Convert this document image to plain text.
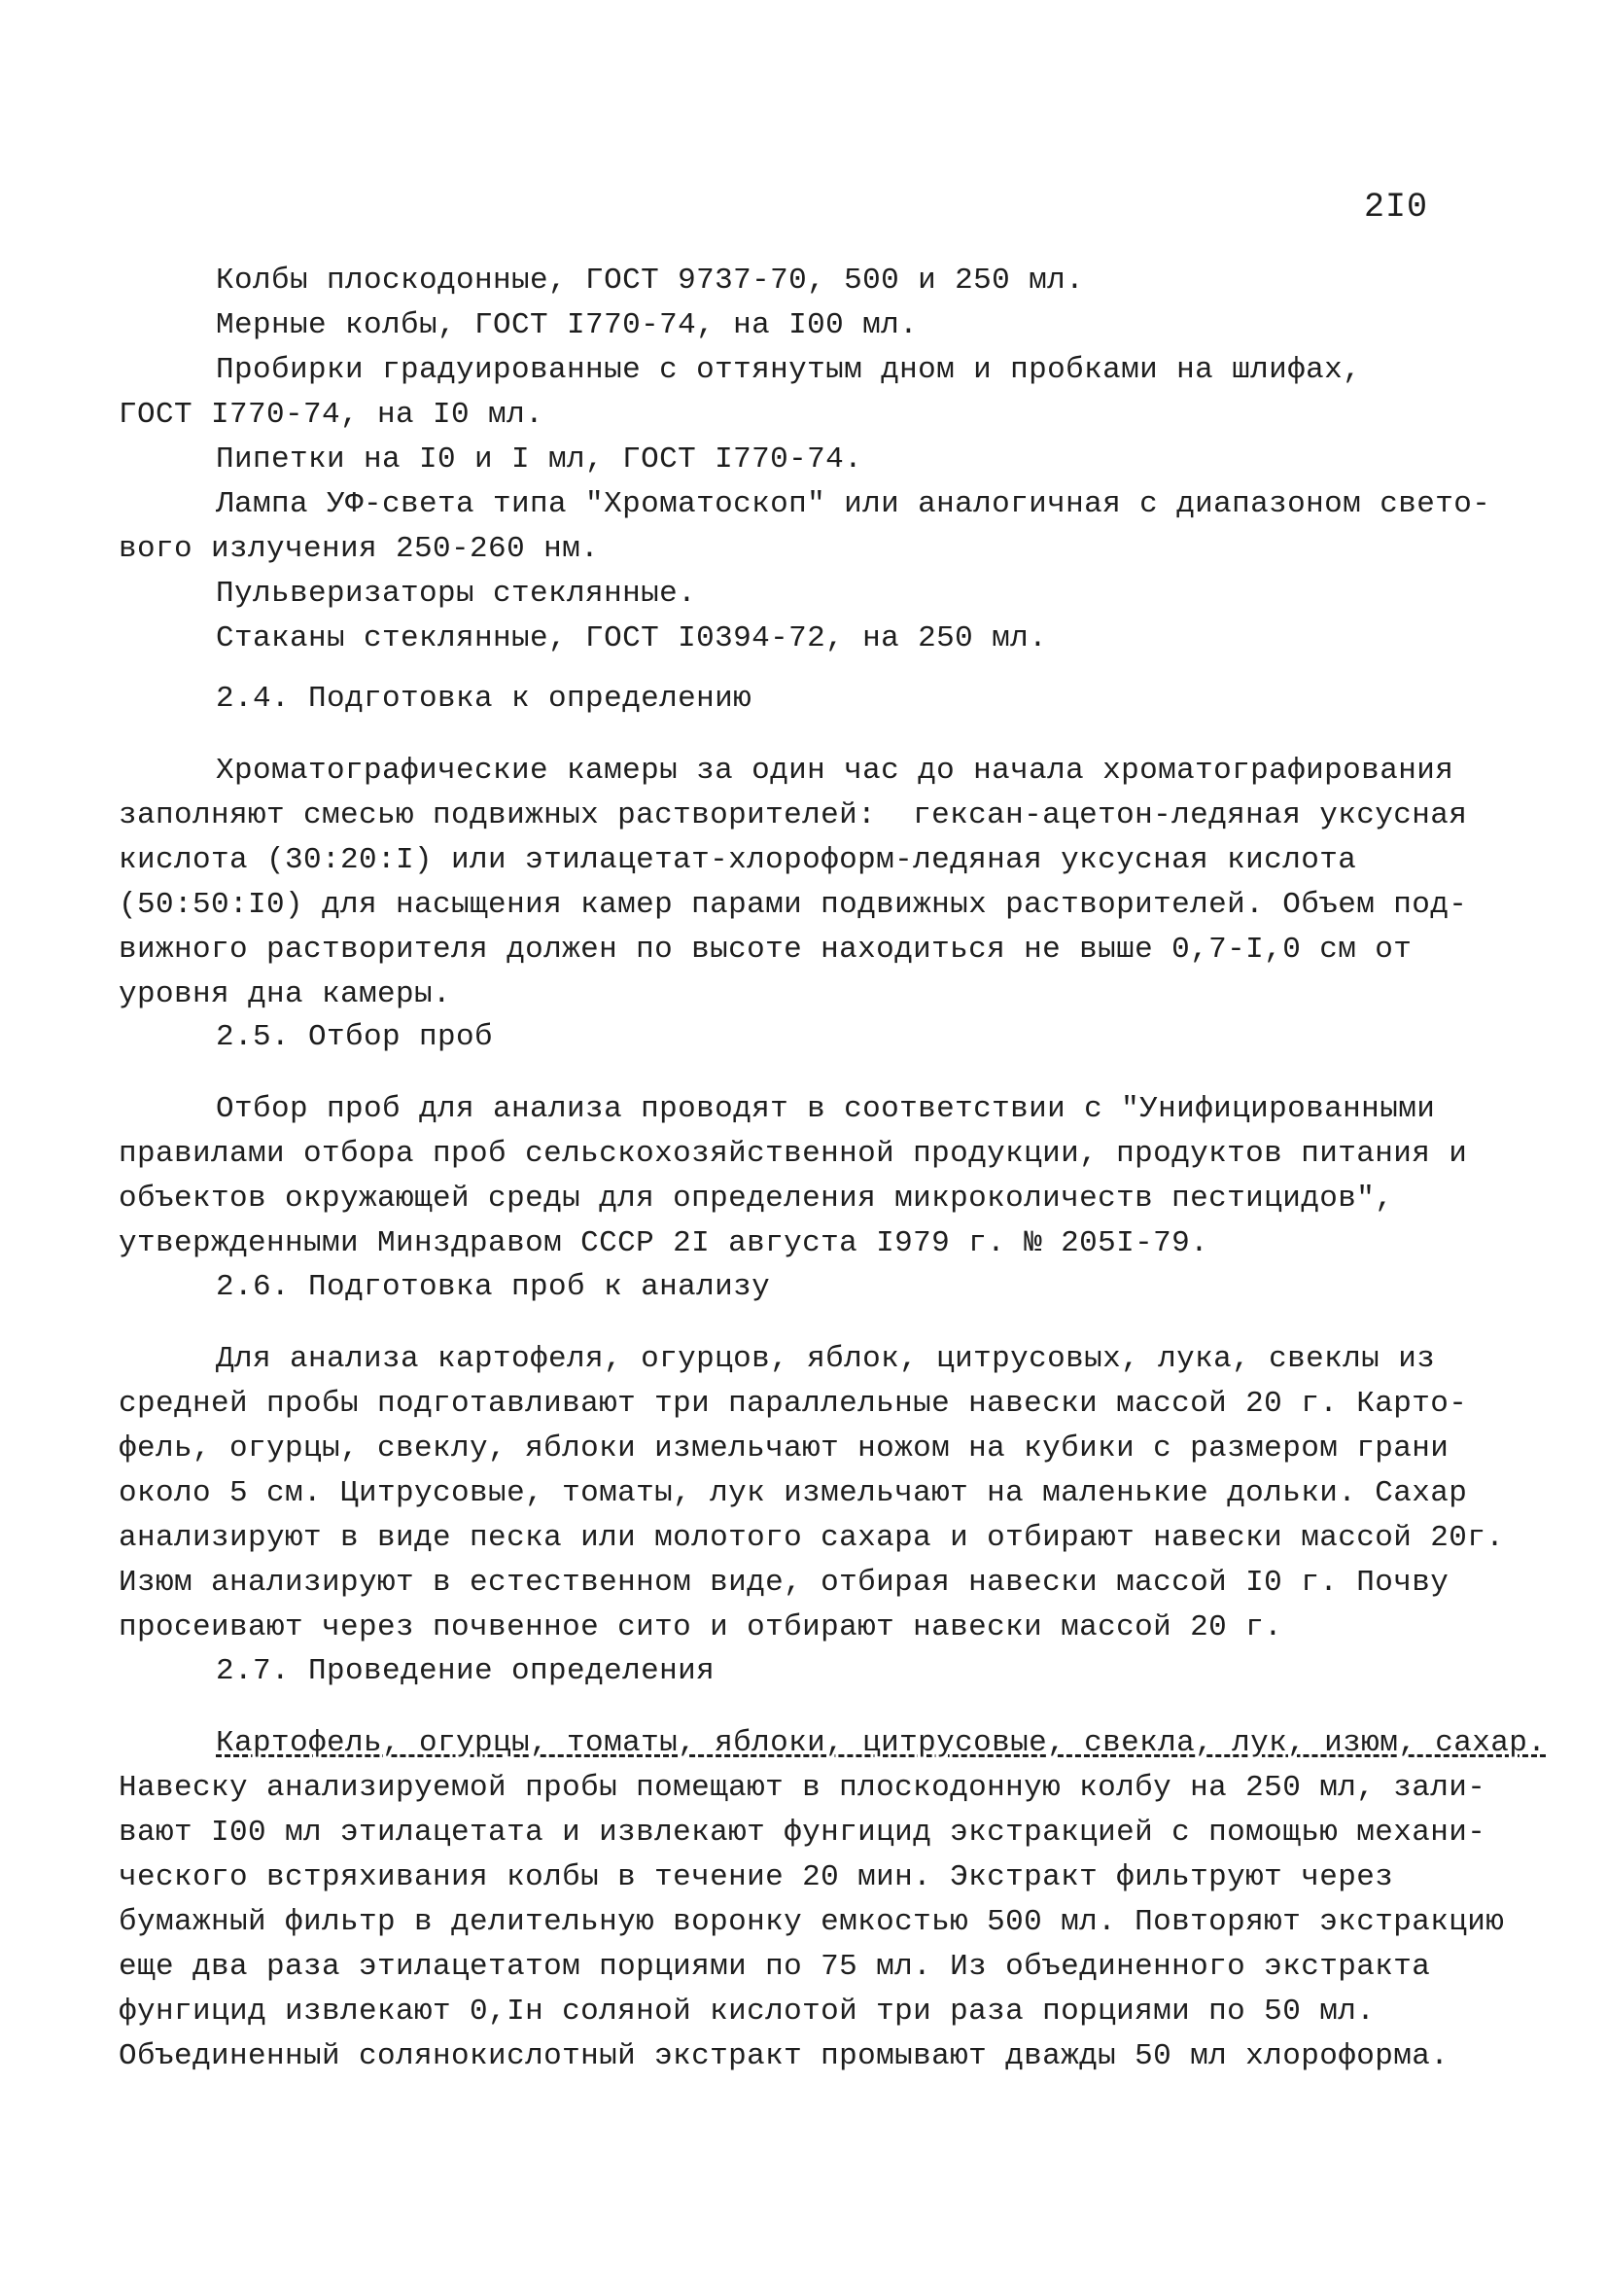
2I0
Колбы плоскодонные, ГОСТ 9737-70, 500 и 250 мл.
Мерные колбы, ГОСТ I770-74, на I00 мл.
Пробирки градуированные с оттянутым дном и пробками на шлифах,
ГОСТ I770-74, на I0 мл.
Пипетки на I0 и I мл, ГОСТ I770-74.
Лампа УФ-света типа "Хроматоскоп" или аналогичная с диапазоном свето-
вого излучения 250-260 нм.
Пульверизаторы стеклянные.
Стаканы стеклянные, ГОСТ I0394-72, на 250 мл.
2.4. Подготовка к определению
Хроматографические камеры за один час до начала хроматографирования
заполняют смесью подвижных растворителей:  гексан-ацетон-ледяная уксусная
кислота (30:20:I) или этилацетат-хлороформ-ледяная уксусная кислота
(50:50:I0) для насыщения камер парами подвижных растворителей. Объем под-
вижного растворителя должен по высоте находиться не выше 0,7-I,0 см от
уровня дна камеры.
2.5. Отбор проб
Отбор проб для анализа проводят в соответствии с "Унифицированными
правилами отбора проб сельскохозяйственной продукции, продуктов питания и
объектов окружающей среды для определения микроколичеств пестицидов",
утвержденными Минздравом СССР 2I августа I979 г. № 205I-79.
2.6. Подготовка проб к анализу
Для анализа картофеля, огурцов, яблок, цитрусовых, лука, свеклы из
средней пробы подготавливают три параллельные навески массой 20 г. Карто-
фель, огурцы, свеклу, яблоки измельчают ножом на кубики с размером грани
около 5 см. Цитрусовые, томаты, лук измельчают на маленькие дольки. Сахар
анализируют в виде песка или молотого сахара и отбирают навески массой 20г.
Изюм анализируют в естественном виде, отбирая навески массой I0 г. Почву
просеивают через почвенное сито и отбирают навески массой 20 г.
2.7. Проведение определения
Картофель, огурцы, томаты, яблоки, цитрусовые, свекла, лук, изюм, сахар.
Навеску анализируемой пробы помещают в плоскодонную колбу на 250 мл, зали-
вают I00 мл этилацетата и извлекают фунгицид экстракцией с помощью механи-
ческого встряхивания колбы в течение 20 мин. Экстракт фильтруют через
бумажный фильтр в делительную воронку емкостью 500 мл. Повторяют экстракцию
еще два раза этилацетатом порциями по 75 мл. Из объединенного экстракта
фунгицид извлекают 0,Iн соляной кислотой три раза порциями по 50 мл.
Объединенный солянокислотный экстракт промывают дважды 50 мл хлороформа.
